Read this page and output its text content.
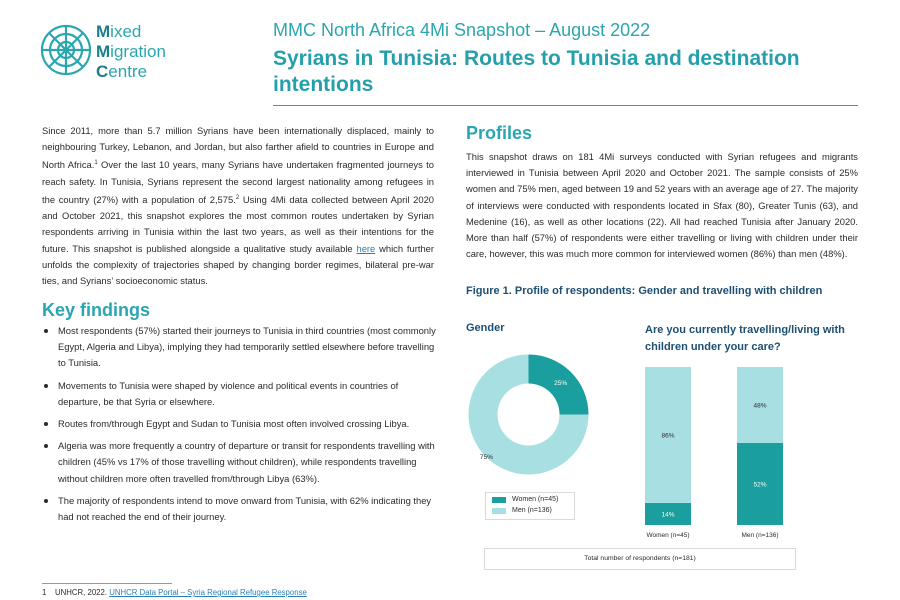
Mixed
Migration
Centre
MMC North Africa 4Mi Snapshot – August 2022
Syrians in Tunisia: Routes to Tunisia and destination intentions
Since 2011, more than 5.7 million Syrians have been internationally displaced, mainly to neighbouring Turkey, Lebanon, and Jordan, but also farther afield to countries in Europe and North Africa.$^1$ Over the last 10 years, many Syrians have undertaken fragmented journeys to reach safety. In Tunisia, Syrians represent the second largest nationality among refugees in the country (27%) with a population of 2,575.$^2$ Using 4Mi data collected between April 2020 and October 2021, this snapshot explores the most common routes undertaken by Syrian respondents arriving in Tunisia within the last two years, as well as their intentions for the future. This snapshot is published alongside a qualitative study available here which further unfolds the complexity of trajectories shaped by changing border regimes, bilateral pre-war ties, and Syrians’ socioeconomic status.
Key findings
Most respondents (57%) started their journeys to Tunisia in third countries (most commonly Egypt, Algeria and Libya), implying they had temporarily settled elsewhere before travelling to Tunisia.
Movements to Tunisia were shaped by violence and political events in countries of departure, be that Syria or elsewhere.
Routes from/through Egypt and Sudan to Tunisia most often involved crossing Libya.
Algeria was more frequently a country of departure or transit for respondents travelling with children (45% vs 17% of those travelling without children), while respondents travelling without children more often travelled from/through Libya (63%).
The majority of respondents intend to move onward from Tunisia, with 62% indicating they had not reached the end of their journey.
1 UNHCR, 2022. UNHCR Data Portal – Syria Regional Refugee Response
Profiles
This snapshot draws on 181 4Mi surveys conducted with Syrian refugees and migrants interviewed in Tunisia between April 2020 and October 2021. The sample consists of 25% women and 75% men, aged between 19 and 52 years with an average age of 27. The majority of interviews were conducted with respondents located in Sfax (80), Greater Tunis (63), and Medenine (16), as well as other locations (22). All had reached Tunisia after January 2020. More than half (57%) of respondents were either travelling or living with children under their care, however, this was much more common for interviewed women (86%) than men (48%).
Figure 1. Profile of respondents: Gender and travelling with children
Gender	Are you currently travelling/living with children under your care?
25%
75%
Women (n=45)
Men (n=136)
14%
86%
Women (n=45)
52%
48%
Men (n=136)
Total number of respondents (n=181)
